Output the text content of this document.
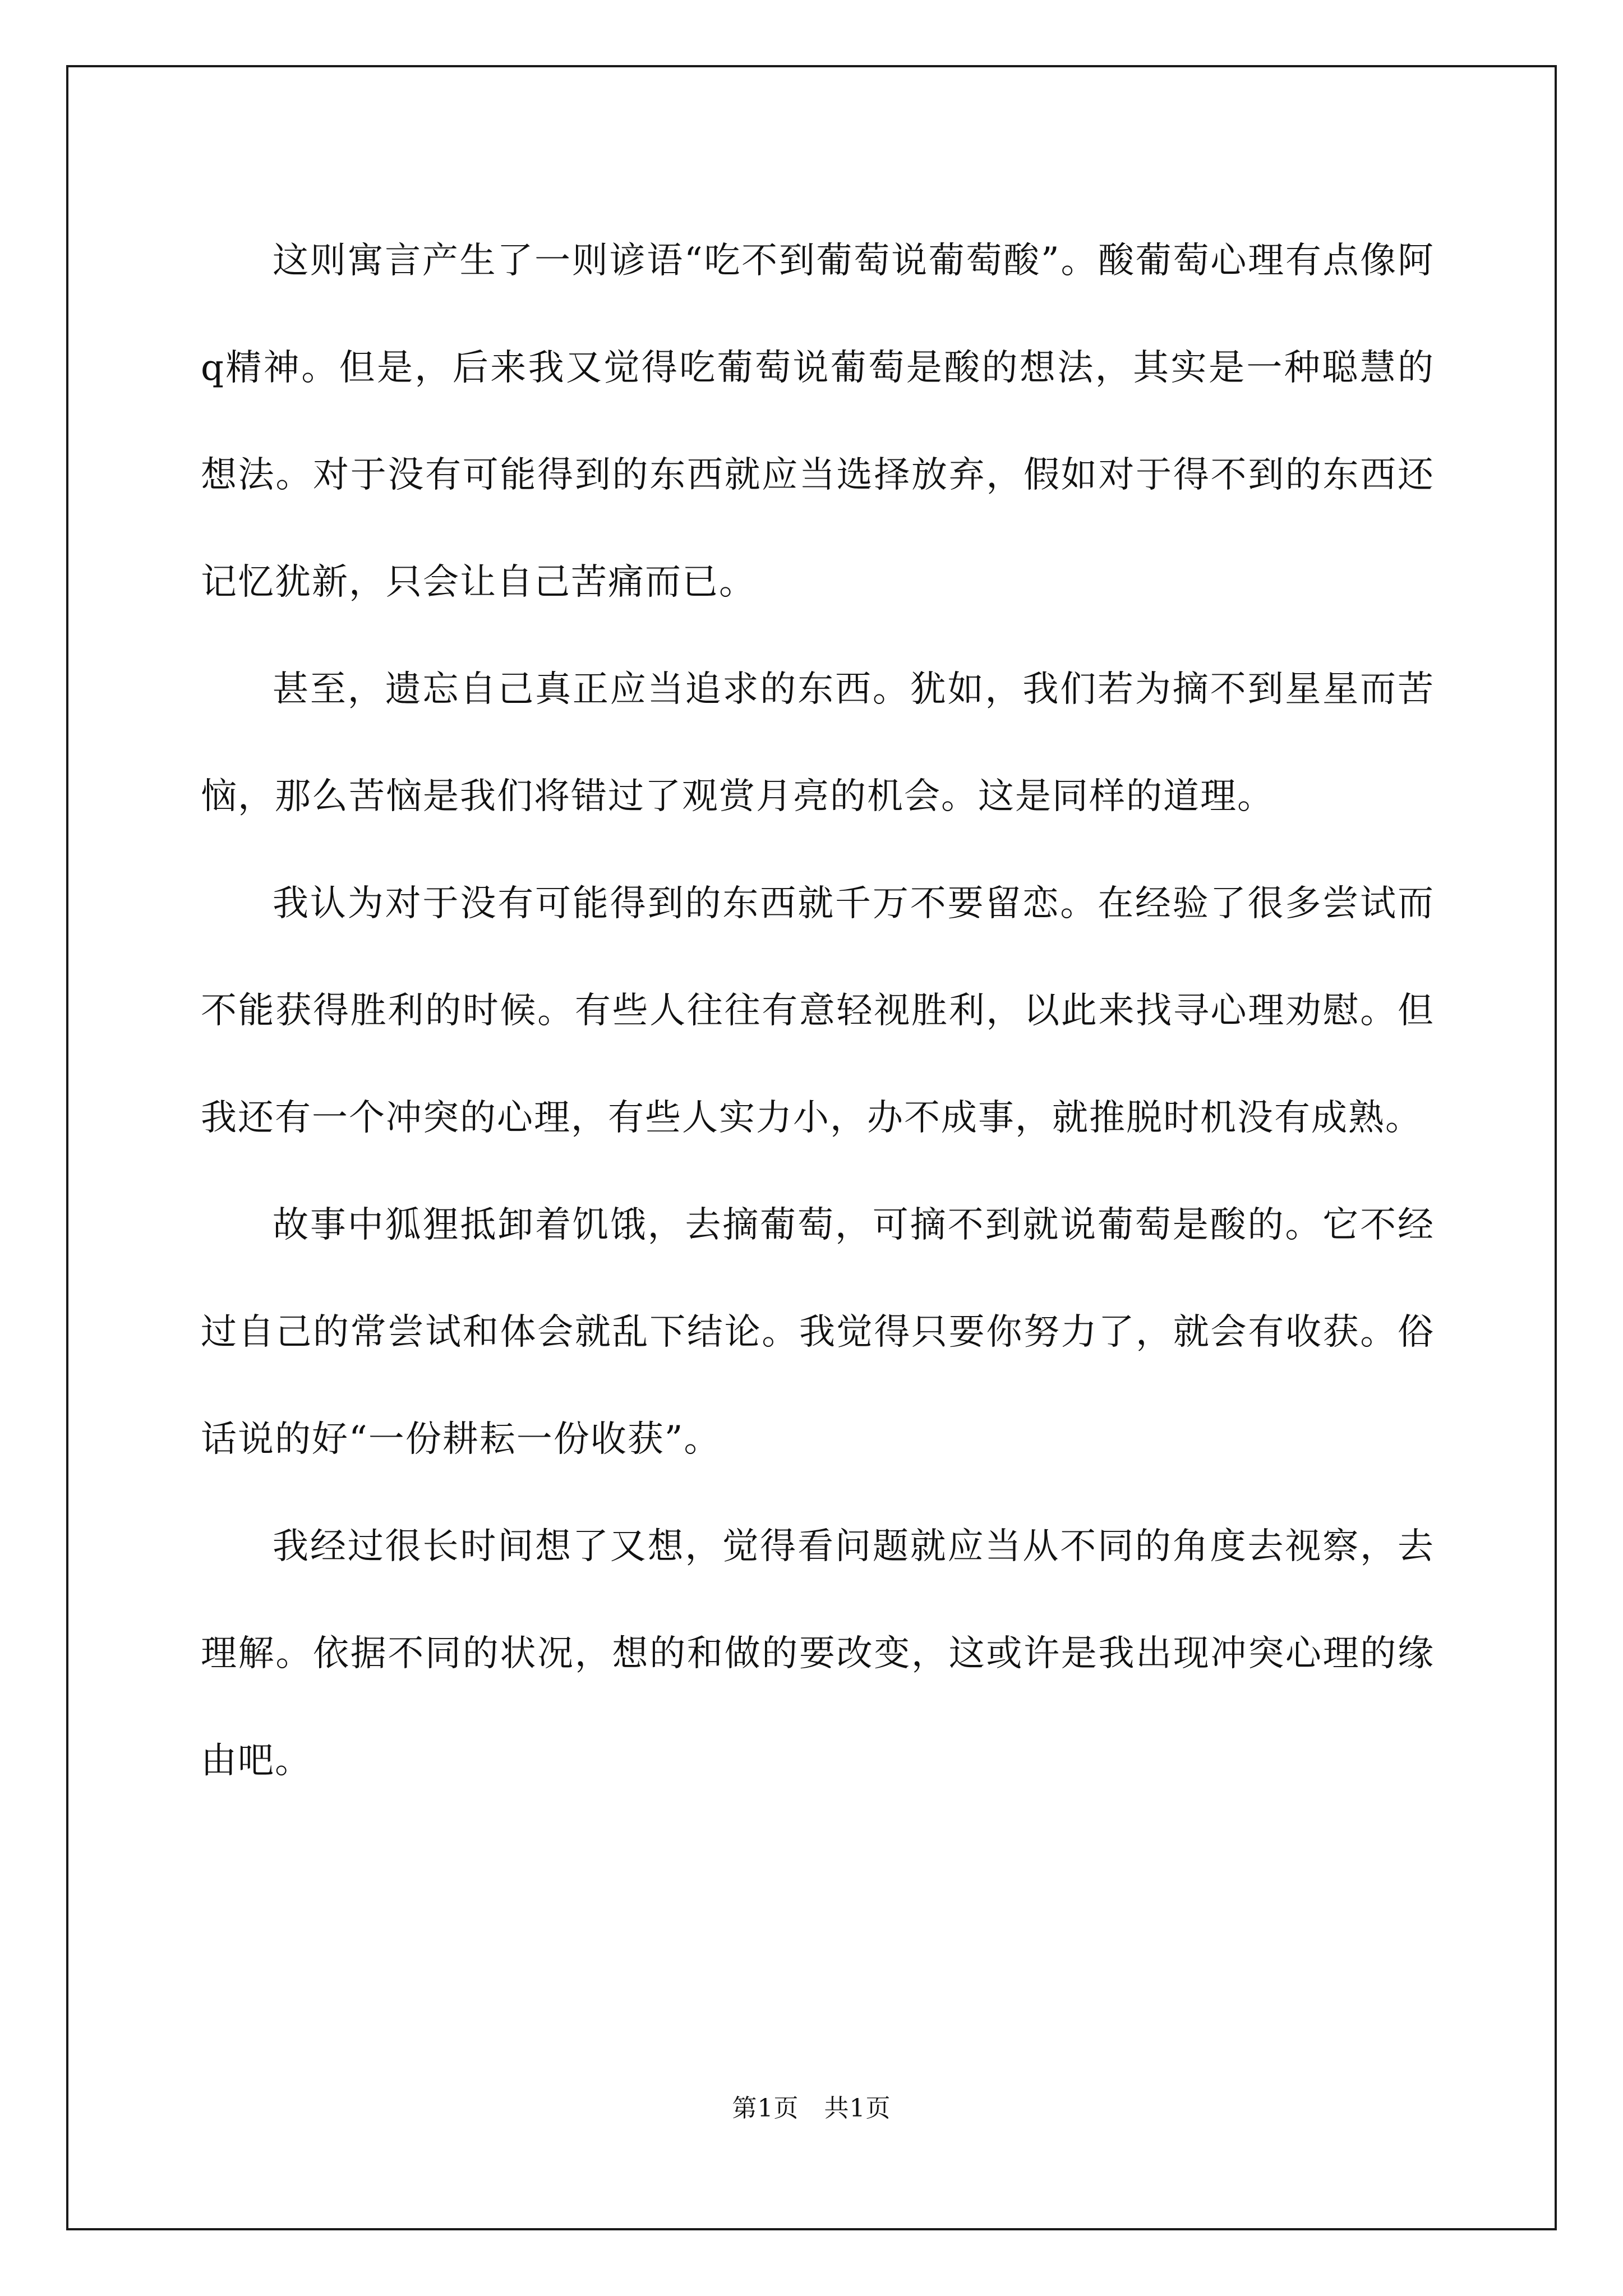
这则寓言产生了一则谚语“吃不到葡萄说葡萄酸”。酸葡萄心理有点像阿q精神。但是，后来我又觉得吃葡萄说葡萄是酸的想法，其实是一种聪慧的想法。对于没有可能得到的东西就应当选择放弃，假如对于得不到的东西还记忆犹新，只会让自己苦痛而已。

甚至，遗忘自己真正应当追求的东西。犹如，我们若为摘不到星星而苦恼，那么苦恼是我们将错过了观赏月亮的机会。这是同样的道理。

我认为对于没有可能得到的东西就千万不要留恋。在经验了很多尝试而不能获得胜利的时候。有些人往往有意轻视胜利，以此来找寻心理劝慰。但我还有一个冲突的心理，有些人实力小，办不成事，就推脱时机没有成熟。

故事中狐狸抵卸着饥饿，去摘葡萄，可摘不到就说葡萄是酸的。它不经过自己的常尝试和体会就乱下结论。我觉得只要你努力了，就会有收获。俗话说的好“一份耕耘一份收获”。

我经过很长时间想了又想，觉得看问题就应当从不同的角度去视察，去理解。依据不同的状况，想的和做的要改变，这或许是我出现冲突心理的缘由吧。

第1页　共1页
